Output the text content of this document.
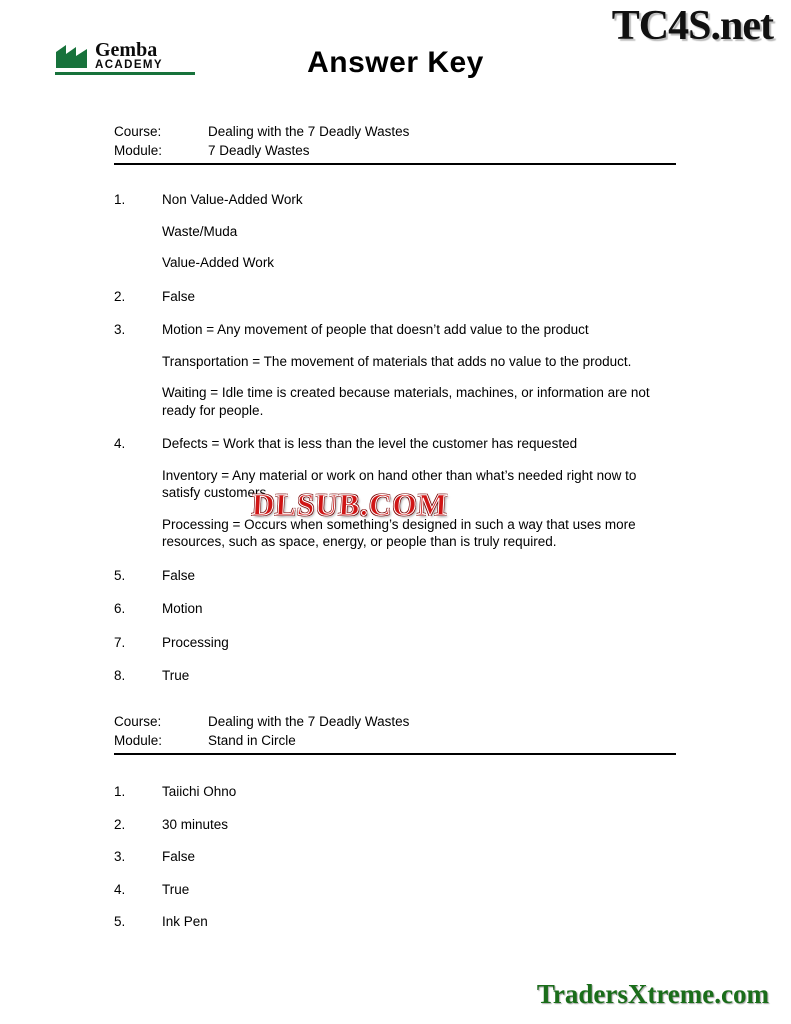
TC4S.net
Gemba
ACADEMY	Answer Key
Course:	Dealing with the 7 Deadly Wastes
Module:	7 Deadly Wastes
1.	Non Value-Added Work
Waste/Muda
Value-Added Work
2.	False
3.	Motion = Any movement of people that doesn’t add value to the product
Transportation = The movement of materials that adds no value to the product.
Waiting = Idle time is created because materials, machines, or information are not ready for people.
4.	Defects = Work that is less than the level the customer has requested
Inventory = Any material or work on hand other than what’s needed right now to satisfy customers.
Processing = Occurs when something’s designed in such a way that uses more resources, such as space, energy, or people than is truly required.
5.	False
6.	Motion
7.	Processing
8.	True
Course:	Dealing with the 7 Deadly Wastes
Module:	Stand in Circle
1.	Taiichi Ohno
2.	30 minutes
3.	False
4.	True
5.	Ink Pen
DLSUB.COM
TradersXtreme.com
